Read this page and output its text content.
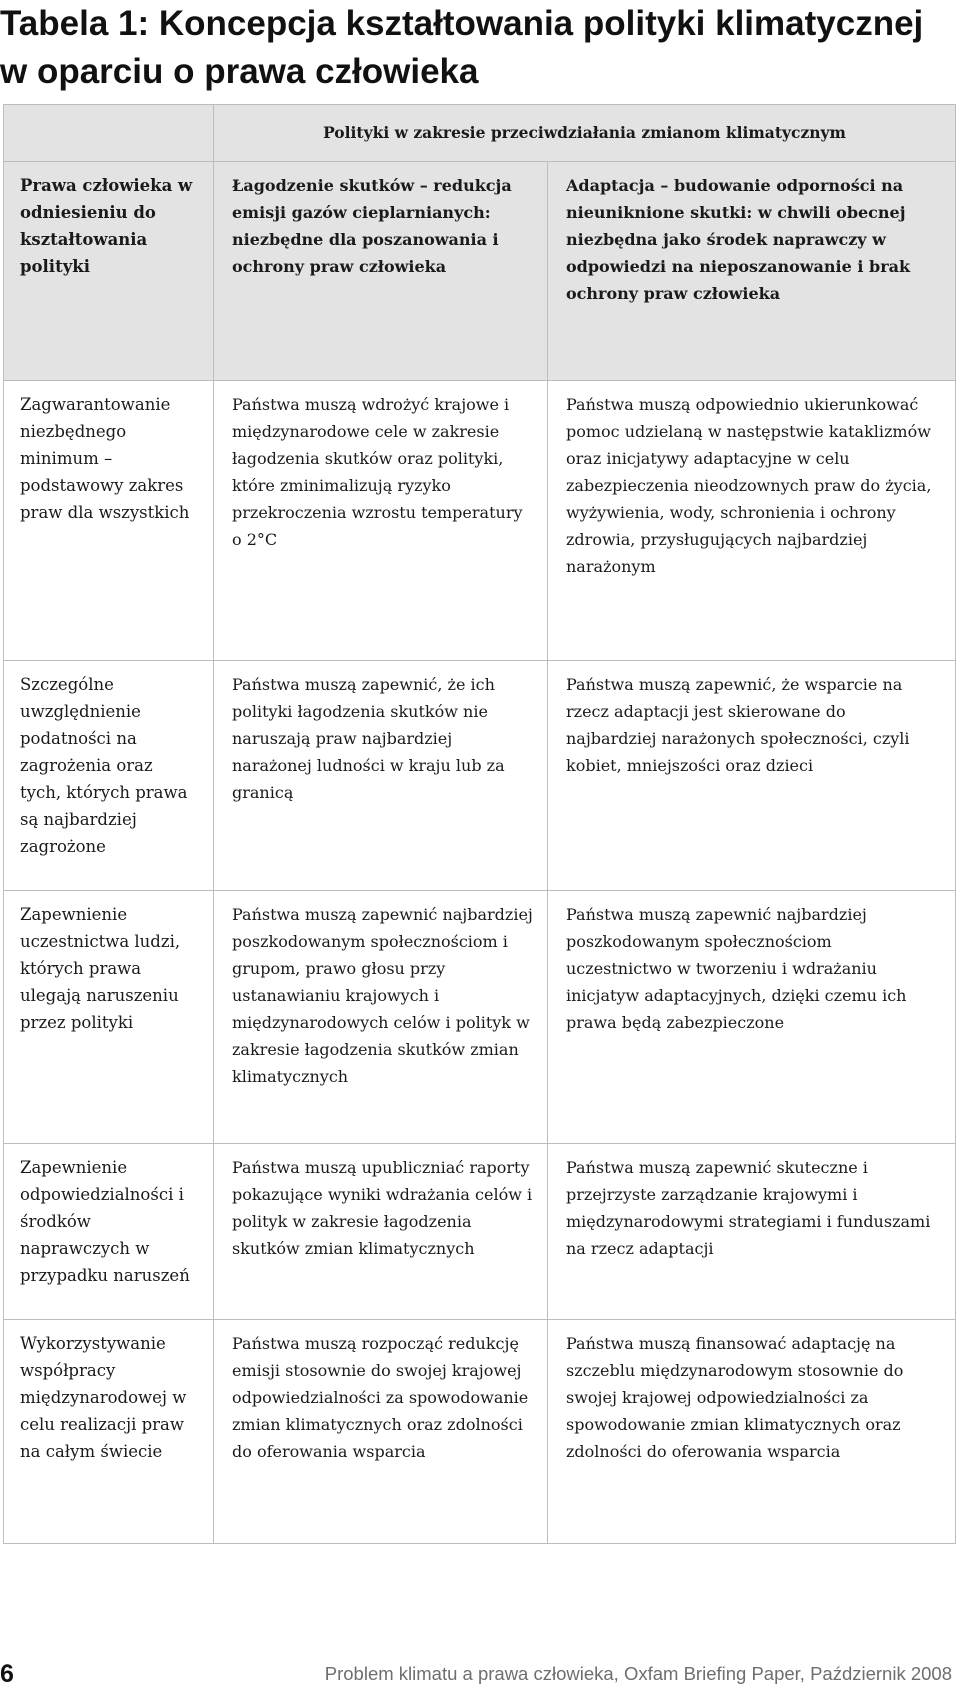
Tabela 1: Koncepcja kształtowania polityki klimatycznej w oparciu o prawa człowieka
	Polityki w zakresie przeciwdziałania zmianom klimatycznym	
Prawa człowieka w odniesieniu do kształtowania polityki	Łagodzenie skutków – redukcja emisji gazów cieplarnianych: niezbędne dla poszanowania i ochrony praw człowieka	Adaptacja – budowanie odporności na nieuniknione skutki: w chwili obecnej niezbędna jako środek naprawczy w odpowiedzi na nieposzanowanie i brak ochrony praw człowieka
Zagwarantowanie niezbędnego minimum – podstawowy zakres praw dla wszystkich	Państwa muszą wdrożyć krajowe i międzynarodowe cele w zakresie łagodzenia skutków oraz polityki, które zminimalizują ryzyko przekroczenia wzrostu temperatury o 2°C	Państwa muszą odpowiednio ukierunkować pomoc udzielaną w następstwie kataklizmów oraz inicjatywy adaptacyjne w celu zabezpieczenia nieodzownych praw do życia, wyżywienia, wody, schronienia i ochrony zdrowia, przysługujących najbardziej narażonym
Szczególne uwzględnienie podatności na zagrożenia oraz tych, których prawa są najbardziej zagrożone	Państwa muszą zapewnić, że ich polityki łagodzenia skutków nie naruszają praw najbardziej narażonej ludności w kraju lub za granicą	Państwa muszą zapewnić, że wsparcie na rzecz adaptacji jest skierowane do najbardziej narażonych społeczności, czyli kobiet, mniejszości oraz dzieci
Zapewnienie uczestnictwa ludzi, których prawa ulegają naruszeniu przez polityki	Państwa muszą zapewnić najbardziej poszkodowanym społecznościom i grupom, prawo głosu przy ustanawianiu krajowych i międzynarodowych celów i polityk w zakresie łagodzenia skutków zmian klimatycznych	Państwa muszą zapewnić najbardziej poszkodowanym społecznościom uczestnictwo w tworzeniu i wdrażaniu inicjatyw adaptacyjnych, dzięki czemu ich prawa będą zabezpieczone
Zapewnienie odpowiedzialności i środków naprawczych w przypadku naruszeń	Państwa muszą upubliczniać raporty pokazujące wyniki wdrażania celów i polityk w zakresie łagodzenia skutków zmian klimatycznych	Państwa muszą zapewnić skuteczne i przejrzyste zarządzanie krajowymi i międzynarodowymi strategiami i funduszami na rzecz adaptacji
Wykorzystywanie współpracy międzynarodowej w celu realizacji praw na całym świecie	Państwa muszą rozpocząć redukcję emisji stosownie do swojej krajowej odpowiedzialności za spowodowanie zmian klimatycznych oraz zdolności do oferowania wsparcia	Państwa muszą finansować adaptację na szczeblu międzynarodowym stosownie do swojej krajowej odpowiedzialności za spowodowanie zmian klimatycznych oraz zdolności do oferowania wsparcia
6	Problem klimatu a prawa człowieka, Oxfam Briefing Paper, Październik 2008
